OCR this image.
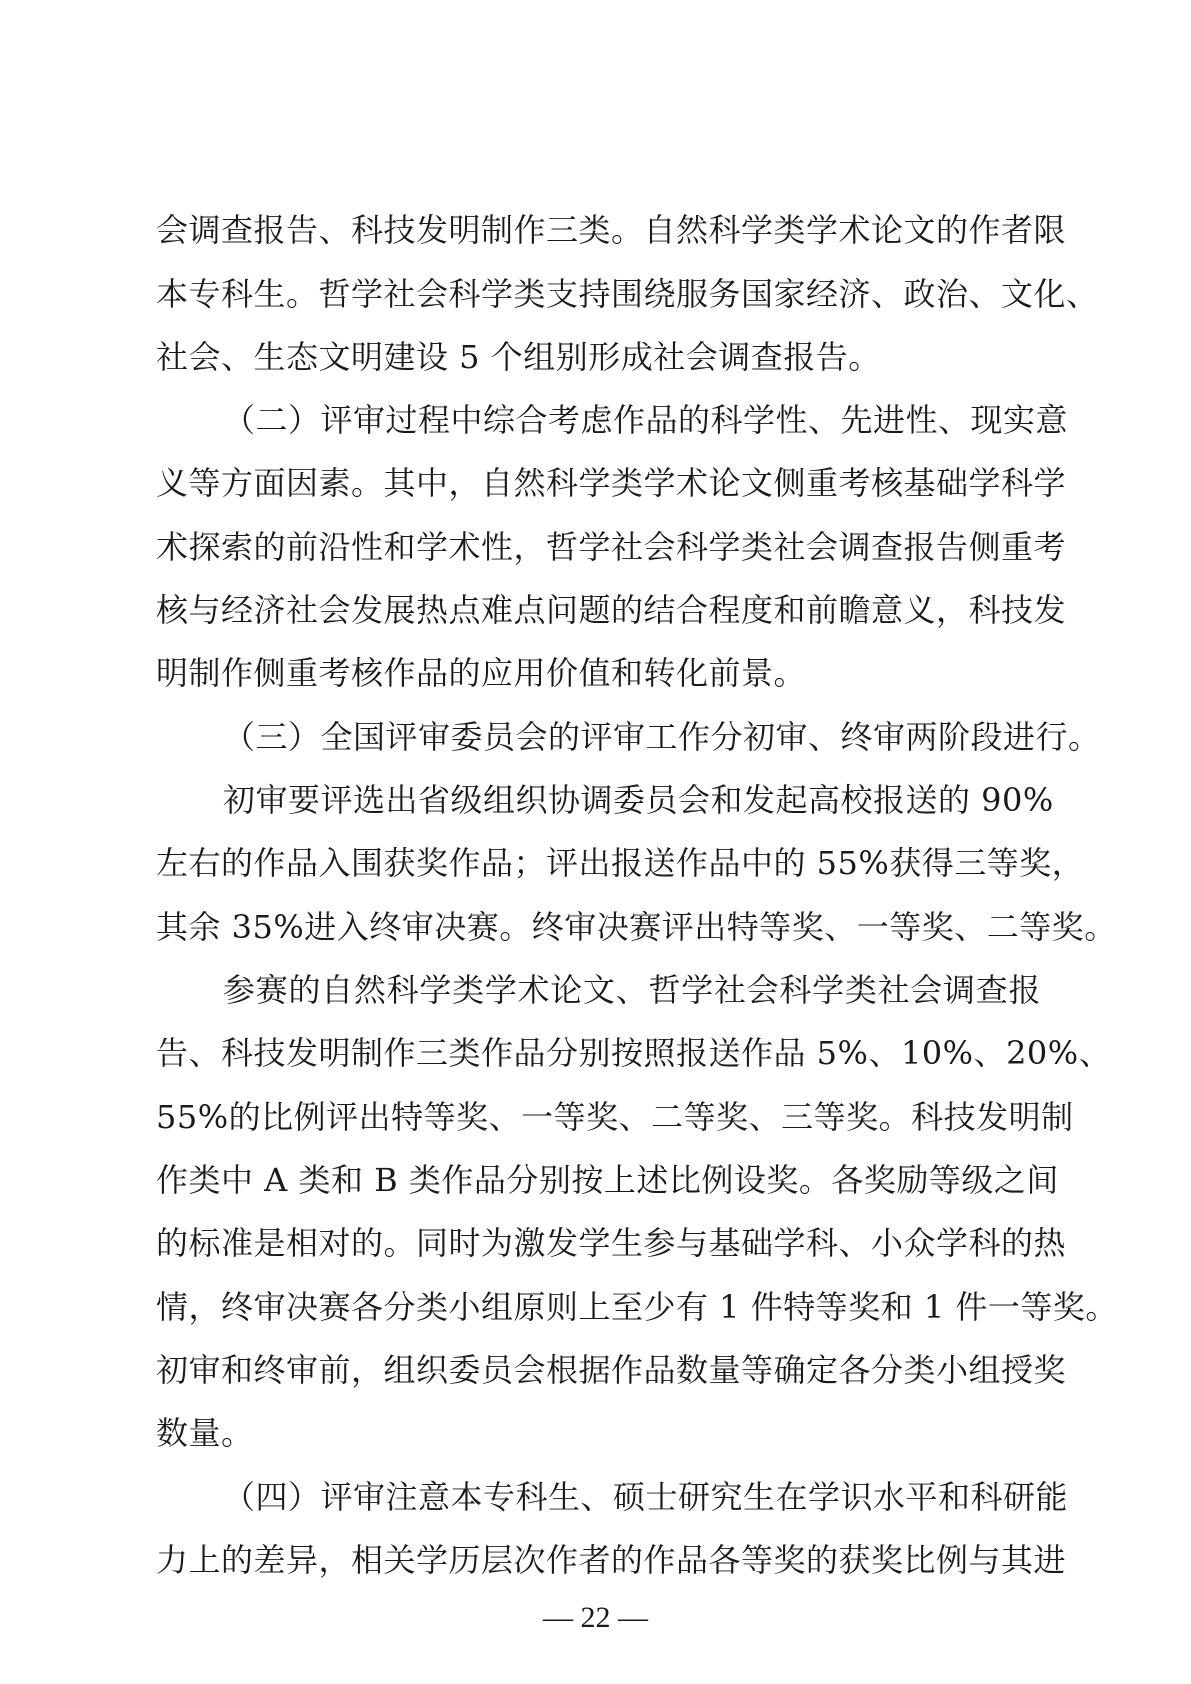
会调查报告、科技发明制作三类。自然科学类学术论文的作者限
本专科生。哲学社会科学类支持围绕服务国家经济、政治、文化、
社会、生态文明建设 5 个组别形成社会调查报告。
（二）评审过程中综合考虑作品的科学性、先进性、现实意
义等方面因素。其中，自然科学类学术论文侧重考核基础学科学
术探索的前沿性和学术性，哲学社会科学类社会调查报告侧重考
核与经济社会发展热点难点问题的结合程度和前瞻意义，科技发
明制作侧重考核作品的应用价值和转化前景。
（三）全国评审委员会的评审工作分初审、终审两阶段进行。
初审要评选出省级组织协调委员会和发起高校报送的 90%
左右的作品入围获奖作品；评出报送作品中的 55%获得三等奖，
其余 35%进入终审决赛。终审决赛评出特等奖、一等奖、二等奖。
参赛的自然科学类学术论文、哲学社会科学类社会调查报
告、科技发明制作三类作品分别按照报送作品 5%、10%、20%、
55%的比例评出特等奖、一等奖、二等奖、三等奖。科技发明制
作类中 A 类和 B 类作品分别按上述比例设奖。各奖励等级之间
的标准是相对的。同时为激发学生参与基础学科、小众学科的热
情，终审决赛各分类小组原则上至少有 1 件特等奖和 1 件一等奖。
初审和终审前，组织委员会根据作品数量等确定各分类小组授奖
数量。
（四）评审注意本专科生、硕士研究生在学识水平和科研能
力上的差异，相关学历层次作者的作品各等奖的获奖比例与其进
— 22 —
